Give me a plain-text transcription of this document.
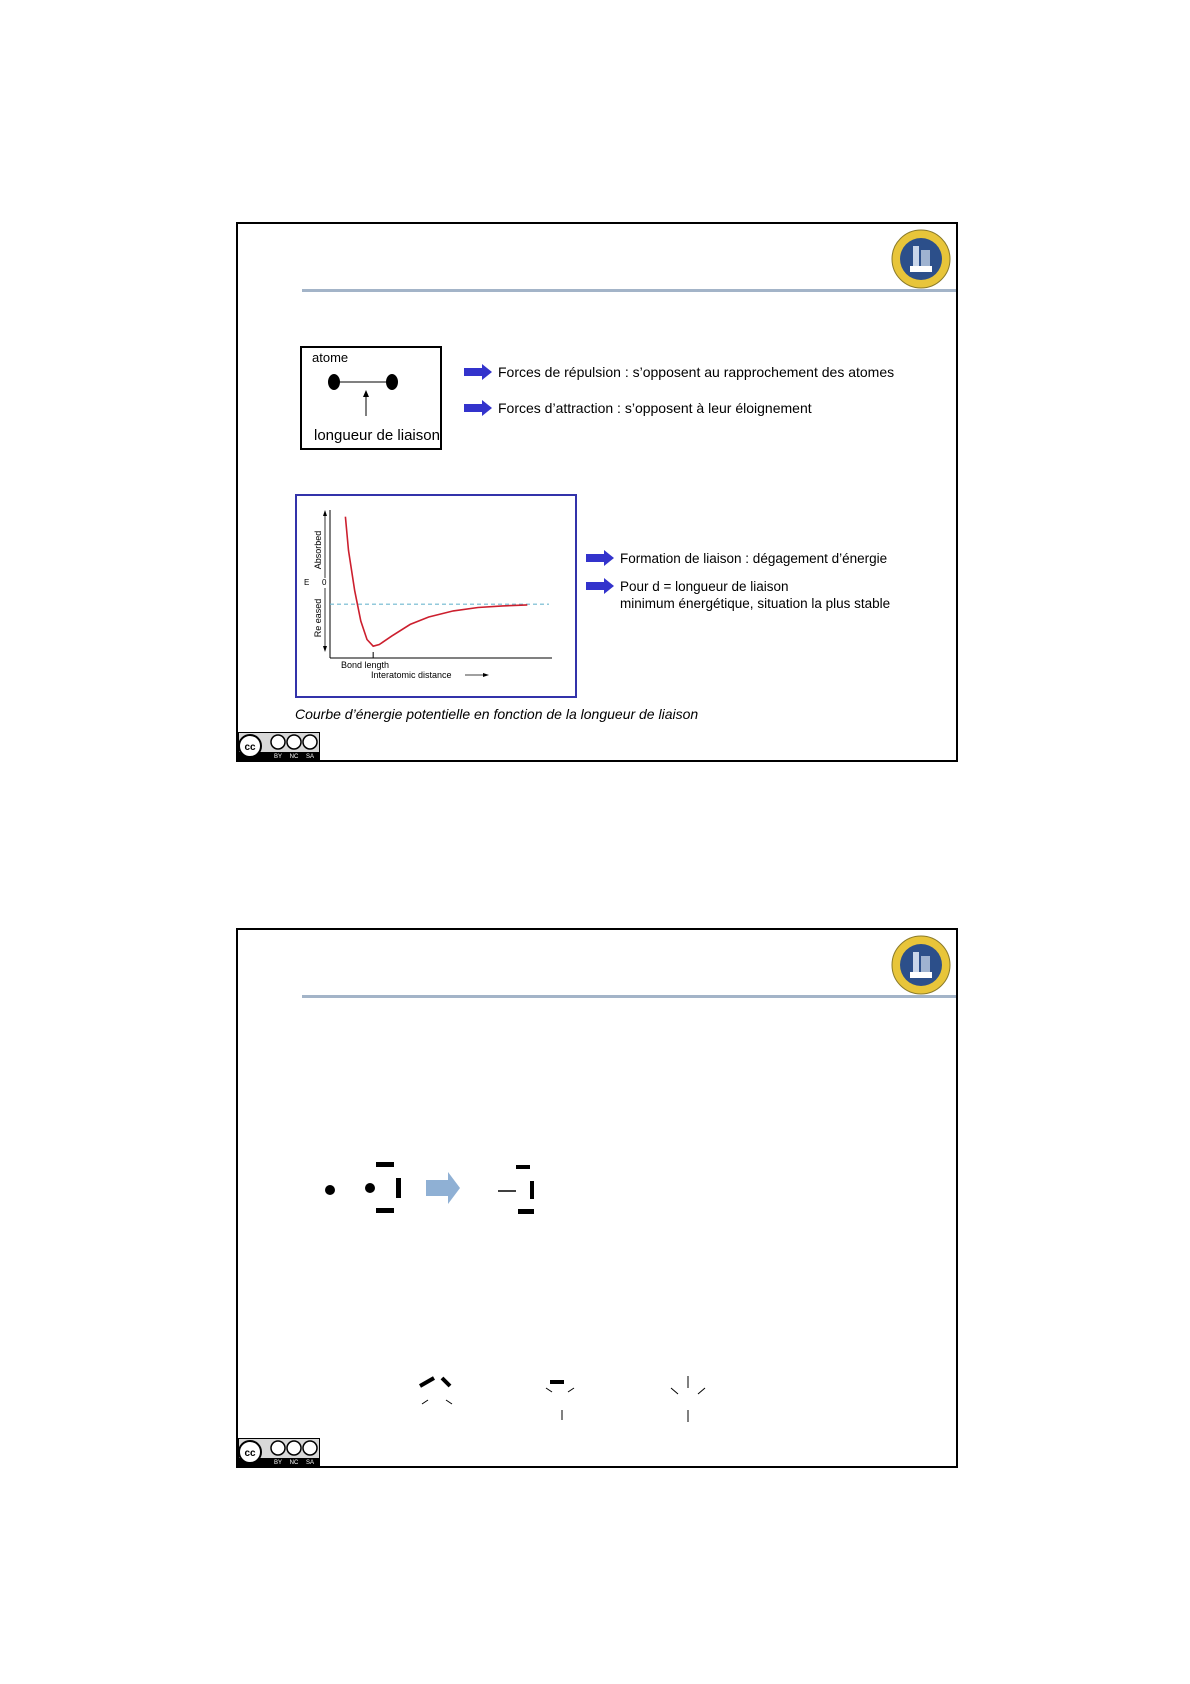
atome
longueur de liaison
Forces de répulsion : s’opposent au rapprochement des atomes
Forces d’attraction : s’opposent à leur éloignement
Absorbed
Re eased
E 0
Bond length
Interatomic distance
Formation de liaison : dégagement d’énergie
Pour d = longueur de liaison
minimum énergétique, situation la plus stable
Courbe d’énergie potentielle en fonction de la longueur de liaison
cc
BY NC SA
cc
BY NC SA
